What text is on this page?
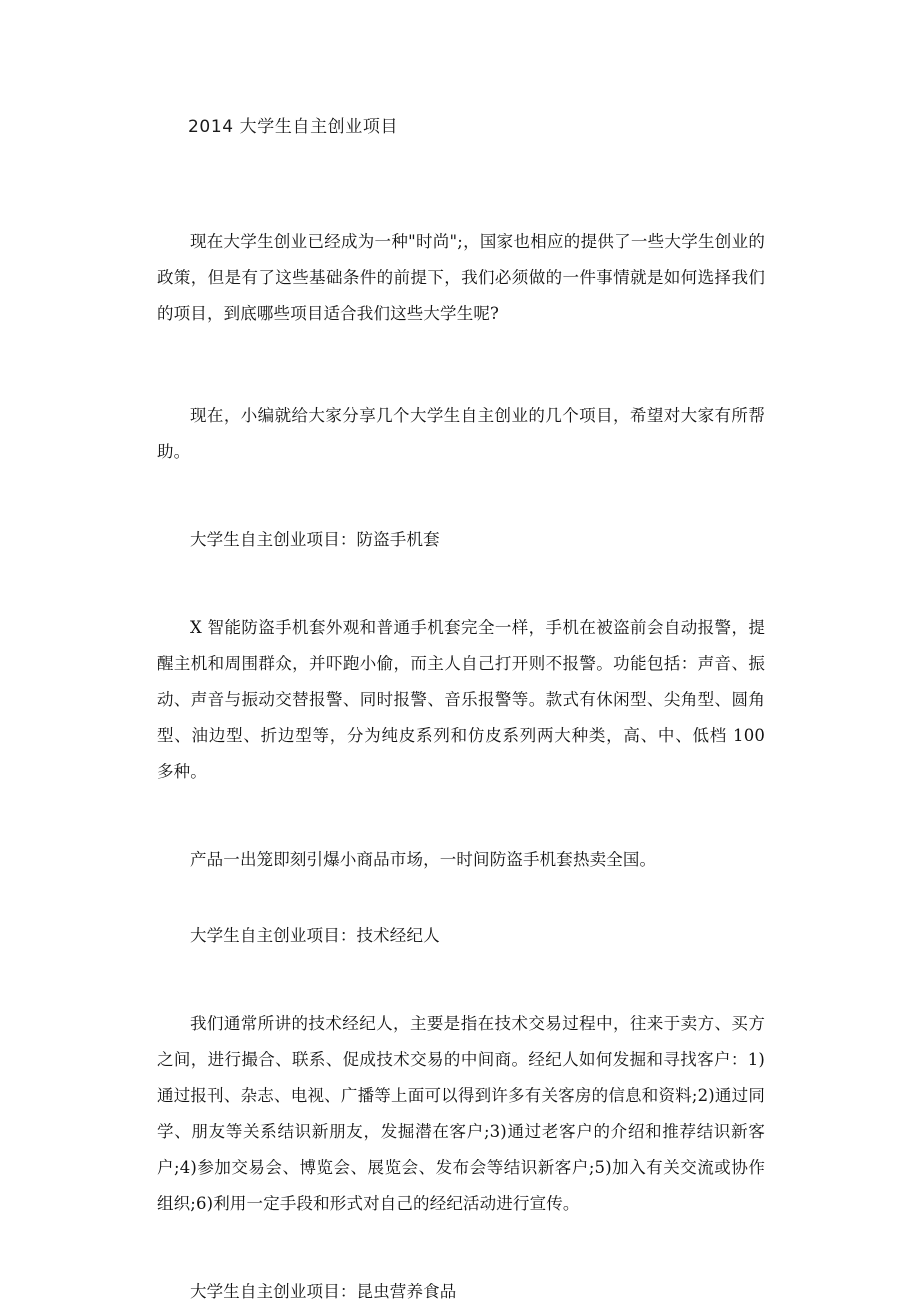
2014 大学生自主创业项目

现在大学生创业已经成为一种"时尚";，国家也相应的提供了一些大学生创业的政策，但是有了这些基础条件的前提下，我们必须做的一件事情就是如何选择我们的项目，到底哪些项目适合我们这些大学生呢?

现在，小编就给大家分享几个大学生自主创业的几个项目，希望对大家有所帮助。

大学生自主创业项目：防盗手机套

X 智能防盗手机套外观和普通手机套完全一样，手机在被盗前会自动报警，提醒主机和周围群众，并吓跑小偷，而主人自己打开则不报警。功能包括：声音、振动、声音与振动交替报警、同时报警、音乐报警等。款式有休闲型、尖角型、圆角型、油边型、折边型等，分为纯皮系列和仿皮系列两大种类，高、中、低档 100 多种。

产品一出笼即刻引爆小商品市场，一时间防盗手机套热卖全国。

大学生自主创业项目：技术经纪人

我们通常所讲的技术经纪人，主要是指在技术交易过程中，往来于卖方、买方之间，进行撮合、联系、促成技术交易的中间商。经纪人如何发掘和寻找客户：1)通过报刊、杂志、电视、广播等上面可以得到许多有关客房的信息和资料;2)通过同学、朋友等关系结识新朋友，发掘潜在客户;3)通过老客户的介绍和推荐结识新客户;4)参加交易会、博览会、展览会、发布会等结识新客户;5)加入有关交流或协作组织;6)利用一定手段和形式对自己的经纪活动进行宣传。

大学生自主创业项目：昆虫营养食品
